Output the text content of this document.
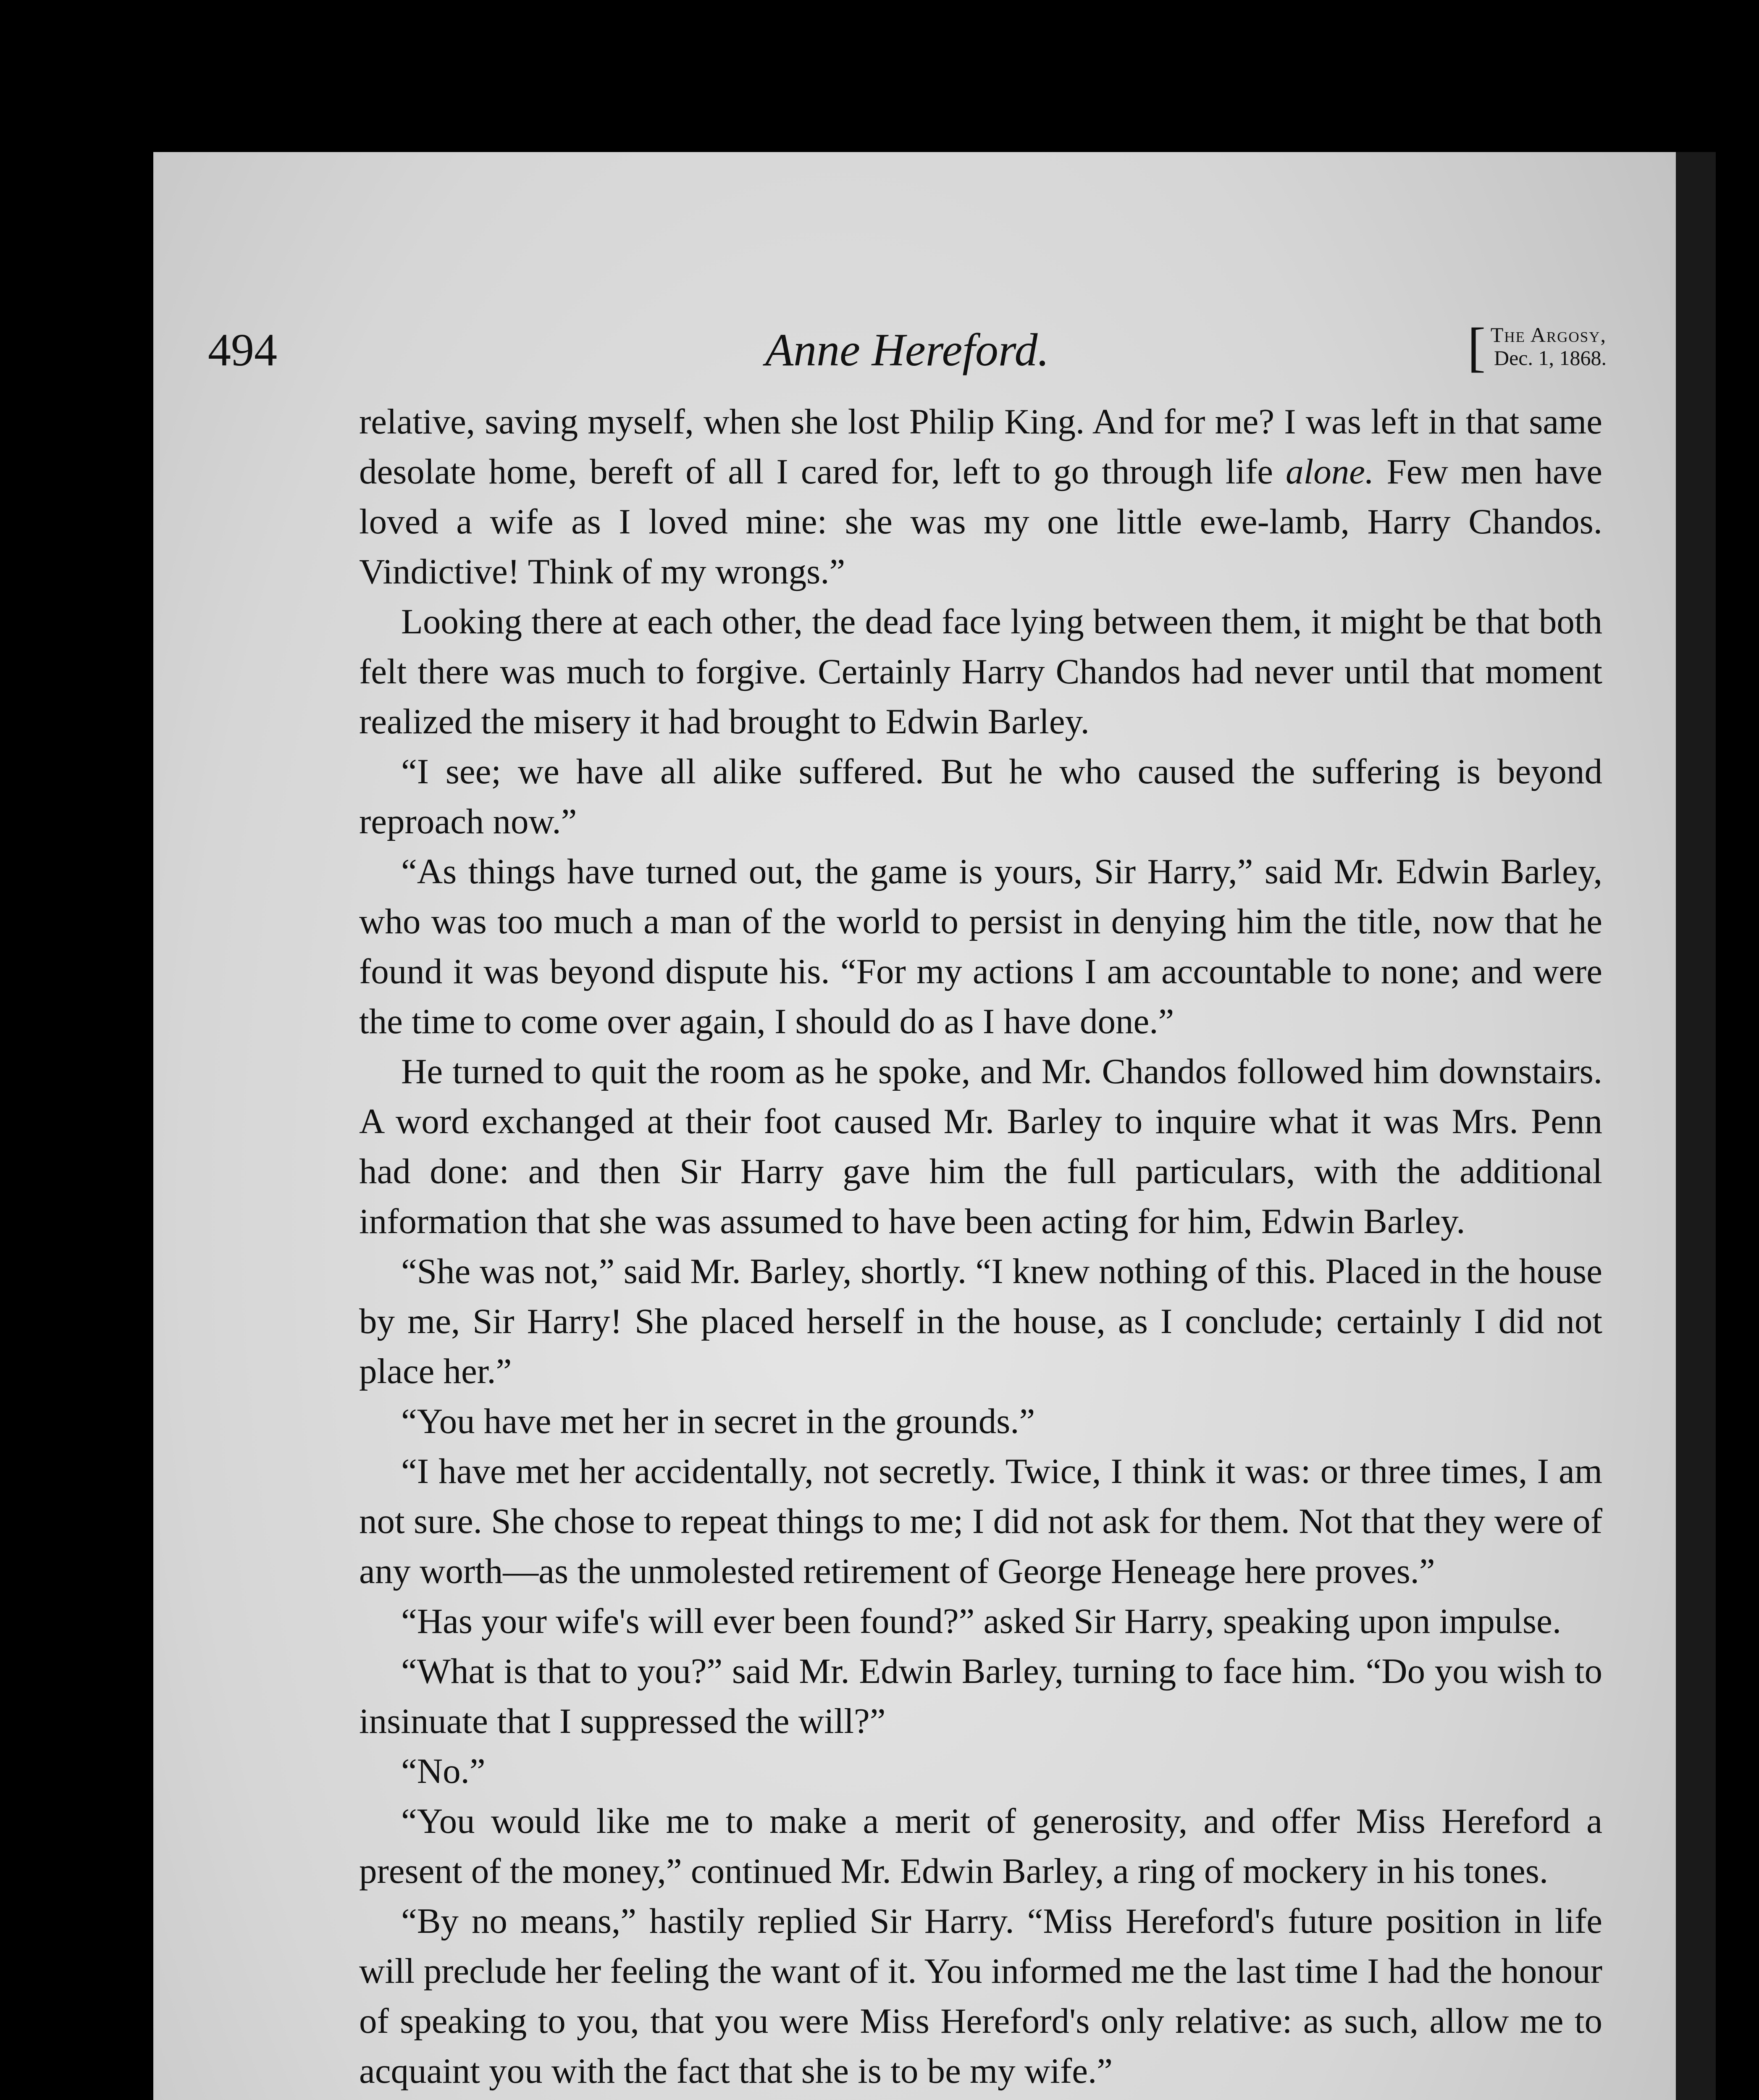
494	Anne Hereford.	[ The Argosy,
Dec. 1, 1868.

relative, saving myself, when she lost Philip King. And for me? I was left in that same desolate home, bereft of all I cared for, left to go through life alone. Few men have loved a wife as I loved mine: she was my one little ewe-lamb, Harry Chandos. Vindictive! Think of my wrongs.”

Looking there at each other, the dead face lying between them, it might be that both felt there was much to forgive. Certainly Harry Chandos had never until that moment realized the misery it had brought to Edwin Barley.

“I see; we have all alike suffered. But he who caused the suffering is beyond reproach now.”

“As things have turned out, the game is yours, Sir Harry,” said Mr. Edwin Barley, who was too much a man of the world to persist in denying him the title, now that he found it was beyond dispute his. “For my actions I am accountable to none; and were the time to come over again, I should do as I have done.”

He turned to quit the room as he spoke, and Mr. Chandos followed him downstairs. A word exchanged at their foot caused Mr. Barley to inquire what it was Mrs. Penn had done: and then Sir Harry gave him the full particulars, with the additional information that she was assumed to have been acting for him, Edwin Barley.

“She was not,” said Mr. Barley, shortly. “I knew nothing of this. Placed in the house by me, Sir Harry! She placed herself in the house, as I conclude; certainly I did not place her.”

“You have met her in secret in the grounds.”

“I have met her accidentally, not secretly. Twice, I think it was: or three times, I am not sure. She chose to repeat things to me; I did not ask for them. Not that they were of any worth—as the unmolested retirement of George Heneage here proves.”

“Has your wife's will ever been found?” asked Sir Harry, speaking upon impulse.

“What is that to you?” said Mr. Edwin Barley, turning to face him. “Do you wish to insinuate that I suppressed the will?”

“No.”

“You would like me to make a merit of generosity, and offer Miss Hereford a present of the money,” continued Mr. Edwin Barley, a ring of mockery in his tones.

“By no means,” hastily replied Sir Harry. “Miss Hereford's future position in life will preclude her feeling the want of it. You informed me the last time I had the honour of speaking to you, that you were Miss Hereford's only relative: as such, allow me to acquaint you with the fact that she is to be my wife.”
